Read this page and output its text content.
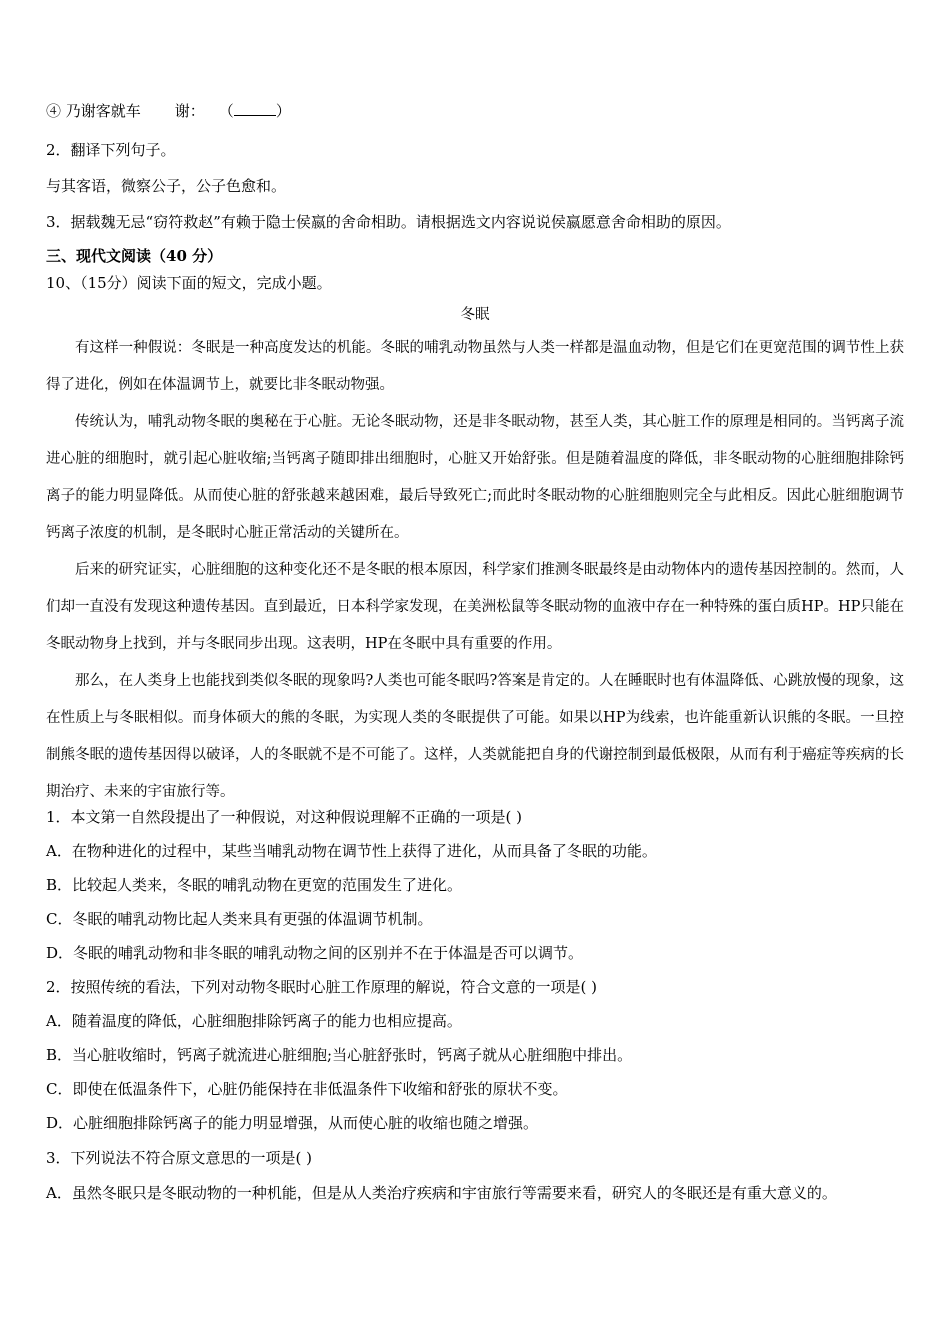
④ 乃谢客就车 谢： （	）
2．翻译下列句子。
与其客语，微察公子，公子色愈和。
3．据载魏无忌“窃符救赵”有赖于隐士侯嬴的舍命相助。请根据选文内容说说侯嬴愿意舍命相助的原因。
三、现代文阅读（40 分）
10、（15分）阅读下面的短文，完成小题。
冬眠
有这样一种假说：冬眠是一种高度发达的机能。冬眠的哺乳动物虽然与人类一样都是温血动物，但是它们在更宽范围的调节性上获得了进化，例如在体温调节上，就要比非冬眠动物强。
传统认为，哺乳动物冬眠的奥秘在于心脏。无论冬眠动物，还是非冬眠动物，甚至人类，其心脏工作的原理是相同的。当钙离子流进心脏的细胞时，就引起心脏收缩;当钙离子随即排出细胞时，心脏又开始舒张。但是随着温度的降低，非冬眠动物的心脏细胞排除钙离子的能力明显降低。从而使心脏的舒张越来越困难，最后导致死亡;而此时冬眠动物的心脏细胞则完全与此相反。因此心脏细胞调节钙离子浓度的机制，是冬眠时心脏正常活动的关键所在。
后来的研究证实，心脏细胞的这种变化还不是冬眠的根本原因，科学家们推测冬眠最终是由动物体内的遗传基因控制的。然而，人们却一直没有发现这种遗传基因。直到最近，日本科学家发现，在美洲松鼠等冬眠动物的血液中存在一种特殊的蛋白质HP。HP只能在冬眠动物身上找到，并与冬眠同步出现。这表明，HP在冬眠中具有重要的作用。
那么，在人类身上也能找到类似冬眠的现象吗?人类也可能冬眠吗?答案是肯定的。人在睡眠时也有体温降低、心跳放慢的现象，这在性质上与冬眠相似。而身体硕大的熊的冬眠，为实现人类的冬眠提供了可能。如果以HP为线索，也许能重新认识熊的冬眠。一旦控制熊冬眠的遗传基因得以破译，人的冬眠就不是不可能了。这样，人类就能把自身的代谢控制到最低极限，从而有利于癌症等疾病的长期治疗、未来的宇宙旅行等。
1．本文第一自然段提出了一种假说，对这种假说理解不正确的一项是( )
A．在物种进化的过程中，某些当哺乳动物在调节性上获得了进化，从而具备了冬眠的功能。
B．比较起人类来，冬眠的哺乳动物在更宽的范围发生了进化。
C．冬眠的哺乳动物比起人类来具有更强的体温调节机制。
D．冬眠的哺乳动物和非冬眠的哺乳动物之间的区别并不在于体温是否可以调节。
2．按照传统的看法，下列对动物冬眠时心脏工作原理的解说，符合文意的一项是( )
A．随着温度的降低，心脏细胞排除钙离子的能力也相应提高。
B．当心脏收缩时，钙离子就流进心脏细胞;当心脏舒张时，钙离子就从心脏细胞中排出。
C．即使在低温条件下，心脏仍能保持在非低温条件下收缩和舒张的原状不变。
D．心脏细胞排除钙离子的能力明显增强，从而使心脏的收缩也随之增强。
3．下列说法不符合原文意思的一项是( )
A．虽然冬眠只是冬眠动物的一种机能，但是从人类治疗疾病和宇宙旅行等需要来看，研究人的冬眠还是有重大意义的。
